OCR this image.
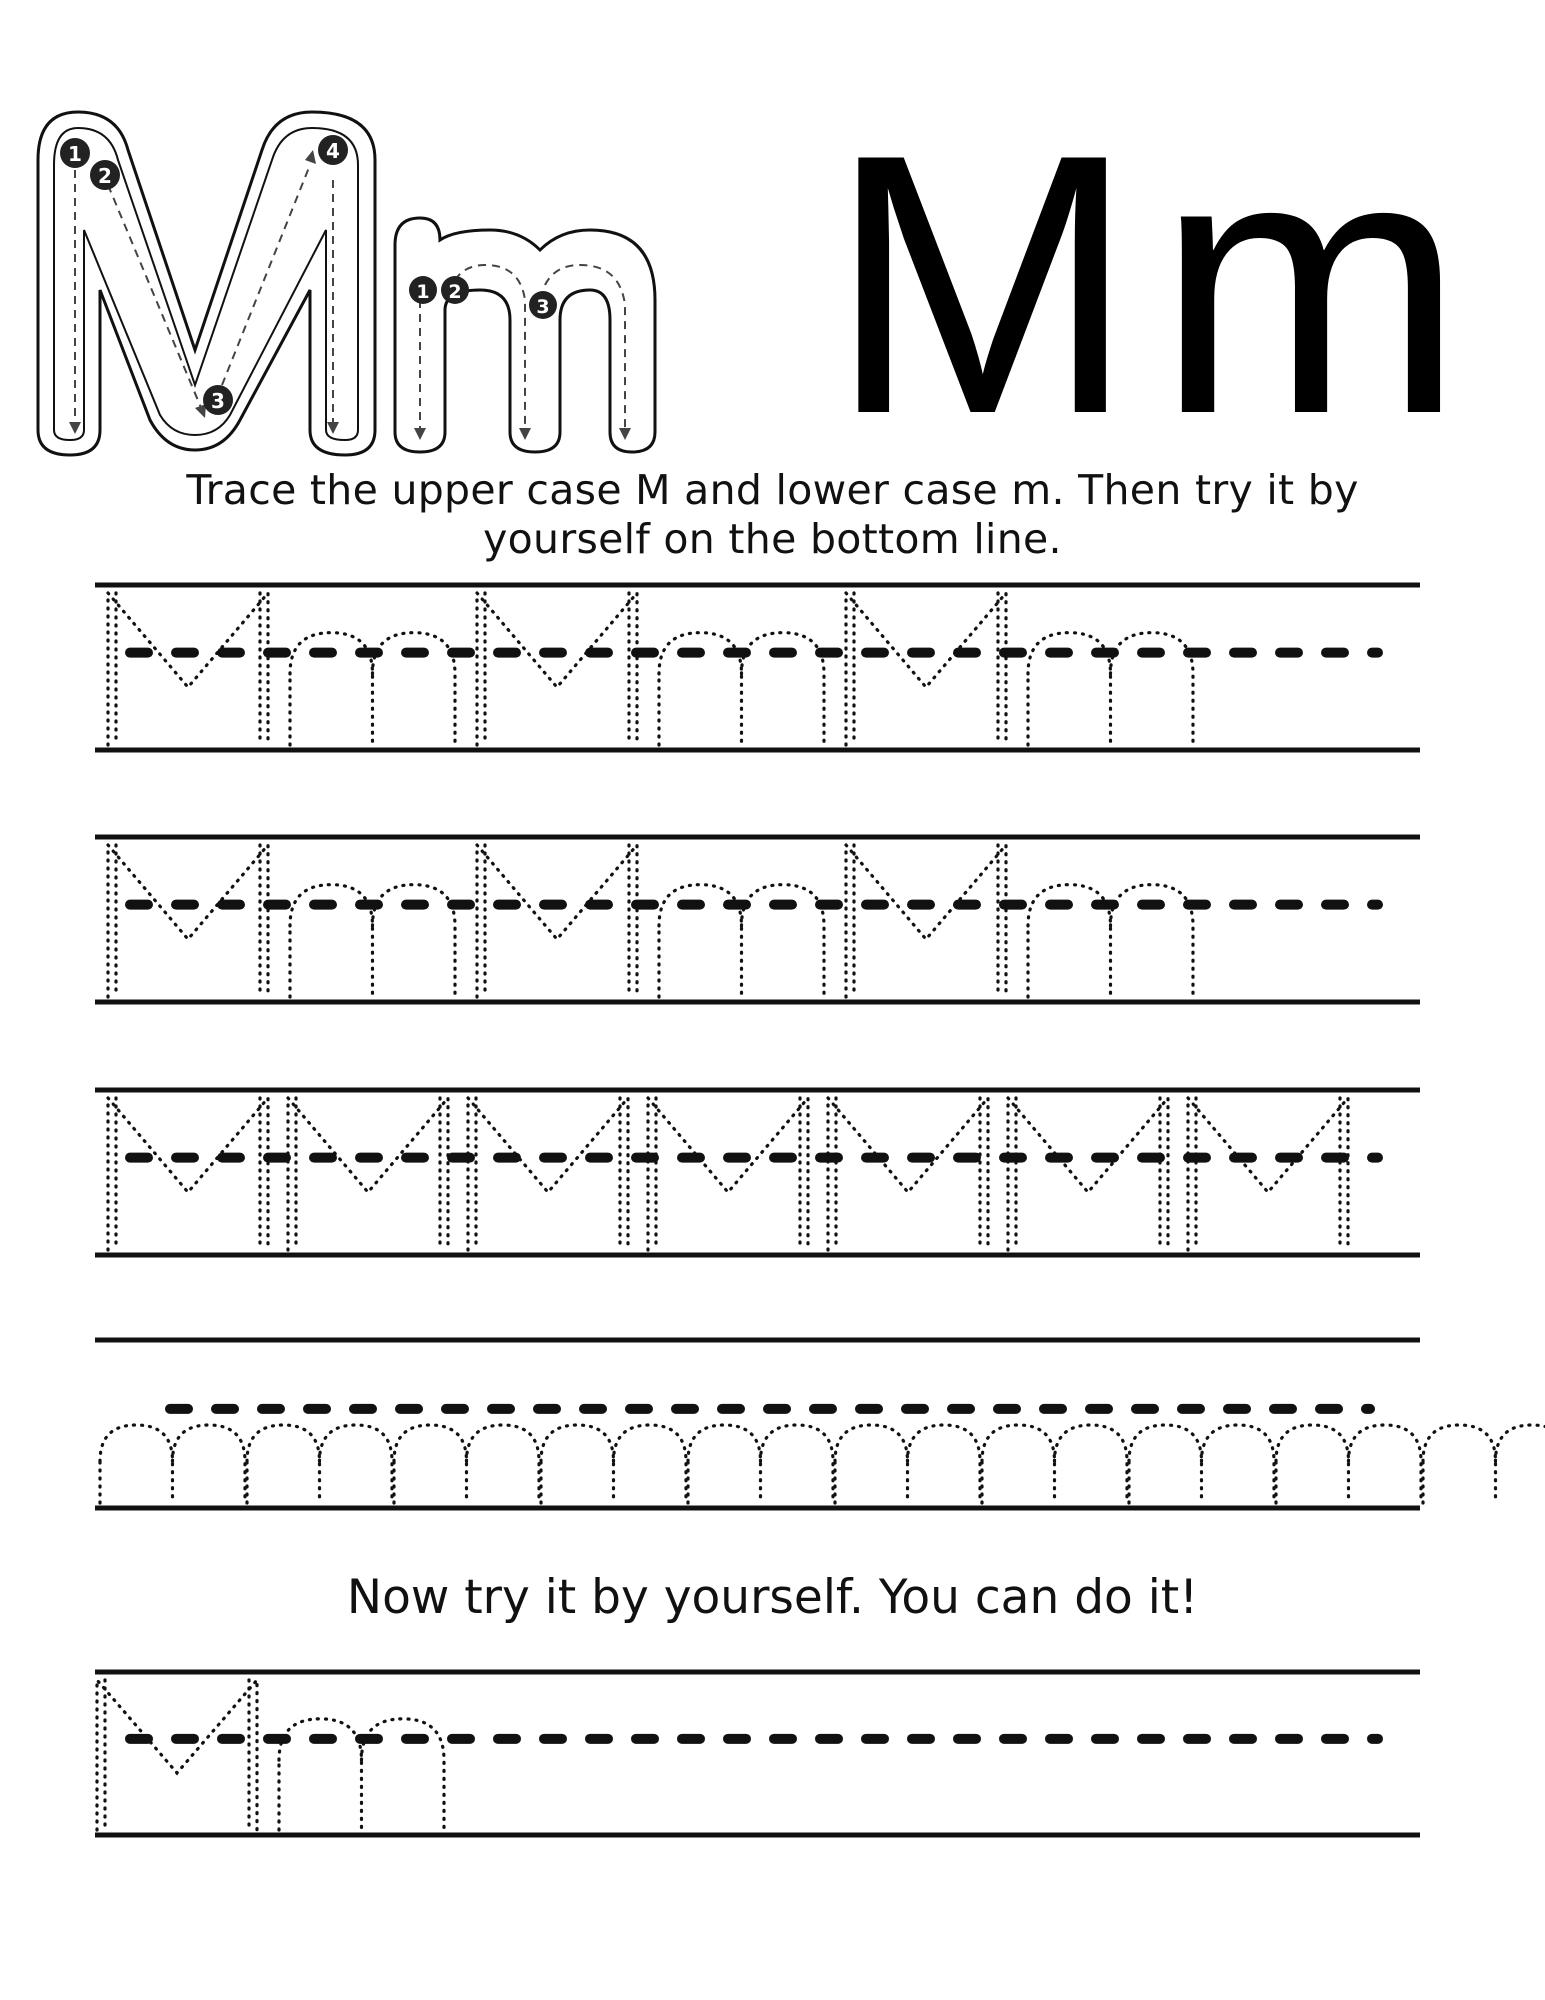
1
2
3
4
1 2
3 Mm
Trace the upper case M and lower case m. Then try it by yourself on the bottom line.
Now try it by yourself. You can do it!
